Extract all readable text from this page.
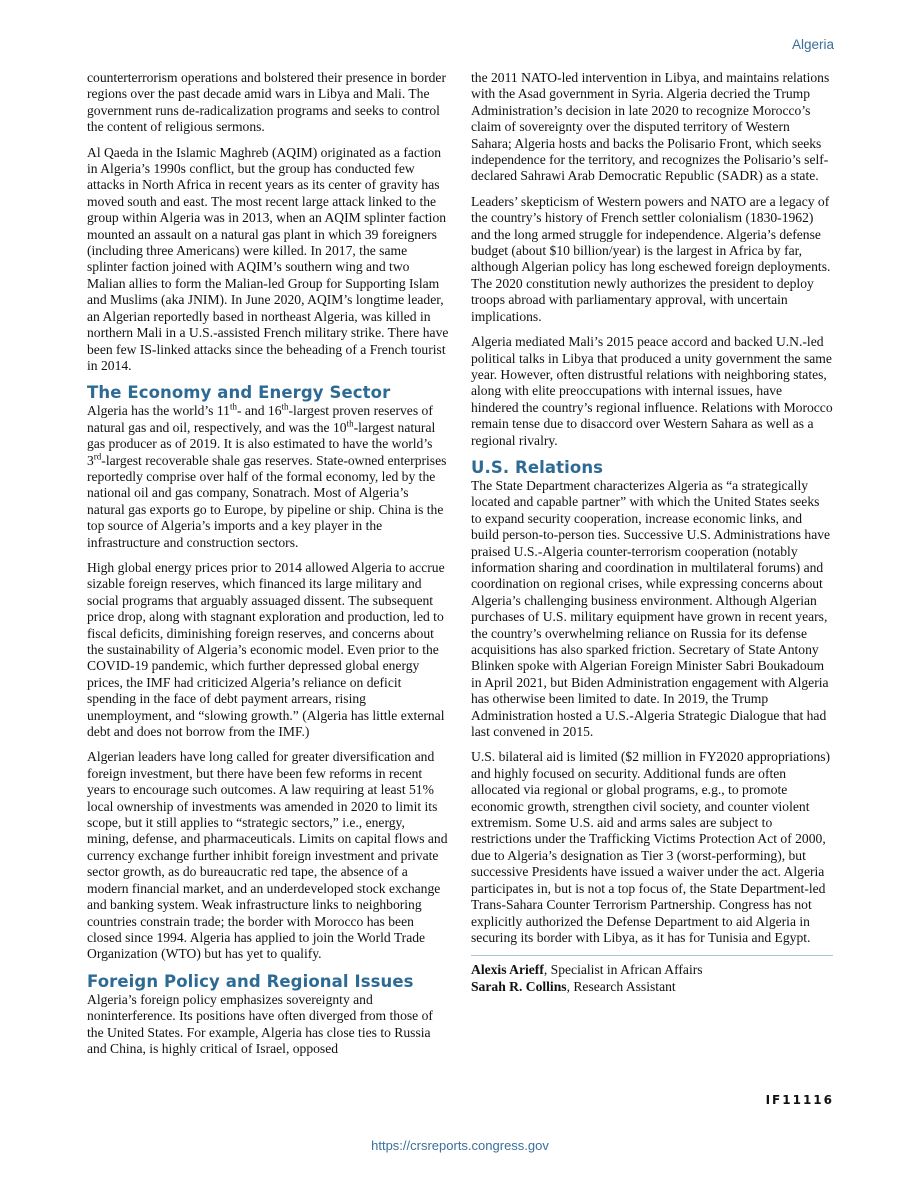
Algeria

counterterrorism operations and bolstered their presence in border regions over the past decade amid wars in Libya and Mali. The government runs de-radicalization programs and seeks to control the content of religious sermons.

Al Qaeda in the Islamic Maghreb (AQIM) originated as a faction in Algeria’s 1990s conflict, but the group has conducted few attacks in North Africa in recent years as its center of gravity has moved south and east. The most recent large attack linked to the group within Algeria was in 2013, when an AQIM splinter faction mounted an assault on a natural gas plant in which 39 foreigners (including three Americans) were killed. In 2017, the same splinter faction joined with AQIM’s southern wing and two Malian allies to form the Malian-led Group for Supporting Islam and Muslims (aka JNIM). In June 2020, AQIM’s longtime leader, an Algerian reportedly based in northeast Algeria, was killed in northern Mali in a U.S.-assisted French military strike. There have been few IS-linked attacks since the beheading of a French tourist in 2014.

The Economy and Energy Sector

Algeria has the world’s 11th- and 16th-largest proven reserves of natural gas and oil, respectively, and was the 10th-largest natural gas producer as of 2019. It is also estimated to have the world’s 3rd-largest recoverable shale gas reserves. State-owned enterprises reportedly comprise over half of the formal economy, led by the national oil and gas company, Sonatrach. Most of Algeria’s natural gas exports go to Europe, by pipeline or ship. China is the top source of Algeria’s imports and a key player in the infrastructure and construction sectors.

High global energy prices prior to 2014 allowed Algeria to accrue sizable foreign reserves, which financed its large military and social programs that arguably assuaged dissent. The subsequent price drop, along with stagnant exploration and production, led to fiscal deficits, diminishing foreign reserves, and concerns about the sustainability of Algeria’s economic model. Even prior to the COVID-19 pandemic, which further depressed global energy prices, the IMF had criticized Algeria’s reliance on deficit spending in the face of debt payment arrears, rising unemployment, and “slowing growth.” (Algeria has little external debt and does not borrow from the IMF.)

Algerian leaders have long called for greater diversification and foreign investment, but there have been few reforms in recent years to encourage such outcomes. A law requiring at least 51% local ownership of investments was amended in 2020 to limit its scope, but it still applies to “strategic sectors,” i.e., energy, mining, defense, and pharmaceuticals. Limits on capital flows and currency exchange further inhibit foreign investment and private sector growth, as do bureaucratic red tape, the absence of a modern financial market, and an underdeveloped stock exchange and banking system. Weak infrastructure links to neighboring countries constrain trade; the border with Morocco has been closed since 1994. Algeria has applied to join the World Trade Organization (WTO) but has yet to qualify.

Foreign Policy and Regional Issues

Algeria’s foreign policy emphasizes sovereignty and noninterference. Its positions have often diverged from those of the United States. For example, Algeria has close ties to Russia and China, is highly critical of Israel, opposed

the 2011 NATO-led intervention in Libya, and maintains relations with the Asad government in Syria. Algeria decried the Trump Administration’s decision in late 2020 to recognize Morocco’s claim of sovereignty over the disputed territory of Western Sahara; Algeria hosts and backs the Polisario Front, which seeks independence for the territory, and recognizes the Polisario’s self-declared Sahrawi Arab Democratic Republic (SADR) as a state.

Leaders’ skepticism of Western powers and NATO are a legacy of the country’s history of French settler colonialism (1830-1962) and the long armed struggle for independence. Algeria’s defense budget (about $10 billion/year) is the largest in Africa by far, although Algerian policy has long eschewed foreign deployments. The 2020 constitution newly authorizes the president to deploy troops abroad with parliamentary approval, with uncertain implications.

Algeria mediated Mali’s 2015 peace accord and backed U.N.-led political talks in Libya that produced a unity government the same year. However, often distrustful relations with neighboring states, along with elite preoccupations with internal issues, have hindered the country’s regional influence. Relations with Morocco remain tense due to disaccord over Western Sahara as well as a regional rivalry.

U.S. Relations

The State Department characterizes Algeria as “a strategically located and capable partner” with which the United States seeks to expand security cooperation, increase economic links, and build person-to-person ties. Successive U.S. Administrations have praised U.S.-Algeria counter-terrorism cooperation (notably information sharing and coordination in multilateral forums) and coordination on regional crises, while expressing concerns about Algeria’s challenging business environment. Although Algerian purchases of U.S. military equipment have grown in recent years, the country’s overwhelming reliance on Russia for its defense acquisitions has also sparked friction. Secretary of State Antony Blinken spoke with Algerian Foreign Minister Sabri Boukadoum in April 2021, but Biden Administration engagement with Algeria has otherwise been limited to date. In 2019, the Trump Administration hosted a U.S.-Algeria Strategic Dialogue that had last convened in 2015.

U.S. bilateral aid is limited ($2 million in FY2020 appropriations) and highly focused on security. Additional funds are often allocated via regional or global programs, e.g., to promote economic growth, strengthen civil society, and counter violent extremism. Some U.S. aid and arms sales are subject to restrictions under the Trafficking Victims Protection Act of 2000, due to Algeria’s designation as Tier 3 (worst-performing), but successive Presidents have issued a waiver under the act. Algeria participates in, but is not a top focus of, the State Department-led Trans-Sahara Counter Terrorism Partnership. Congress has not explicitly authorized the Defense Department to aid Algeria in securing its border with Libya, as it has for Tunisia and Egypt.

Alexis Arieff, Specialist in African Affairs

Sarah R. Collins, Research Assistant

IF11116
https://crsreports.congress.gov
